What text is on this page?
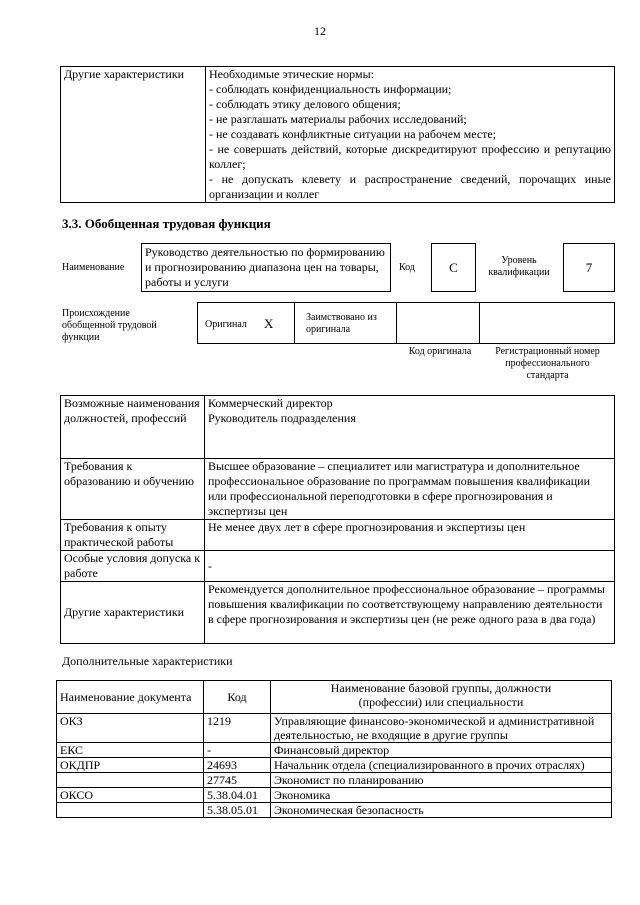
12
Другие характеристики	Необходимые этические нормы:
- соблюдать конфиденциальность информации;
- соблюдать этику делового общения;
- не разглашать материалы рабочих исследований;
- не создавать конфликтные ситуации на рабочем месте;
- не совершать действий, которые дискредитируют профессию и репутацию коллег;
- не допускать клевету и распространение сведений, порочащих иные организации и коллег
3.3. Обобщенная трудовая функция
Наименование
Руководство деятельностью по формированию и прогнозированию диапазона цен на товары, работы и услуги
Код	С	Уровень квалификации	7
Происхождение обобщенной трудовой функции
Оригинал X	Заимствовано из оригинала
Код оригинала	Регистрационный номер профессионального стандарта
Возможные наименования должностей, профессий	Коммерческий директор
Руководитель подразделения
Требования к образованию и обучению	Высшее образование – специалитет или магистратура и дополнительное профессиональное образование по программам повышения квалификации или профессиональной переподготовки в сфере прогнозирования и экспертизы цен
Требования к опыту практической работы	Не менее двух лет в сфере прогнозирования и экспертизы цен
Особые условия допуска к работе	-
Другие характеристики	Рекомендуется дополнительное профессиональное образование – программы повышения квалификации по соответствующему направлению деятельности в сфере прогнозирования и экспертизы цен (не реже одного раза в два года)
Дополнительные характеристики
Наименование документа	Код	Наименование базовой группы, должности (профессии) или специальности
ОКЗ	1219	Управляющие финансово-экономической и административной деятельностью, не входящие в другие группы
ЕКС	-	Финансовый директор
ОКДПР	24693	Начальник отдела (специализированного в прочих отраслях)
	27745	Экономист по планированию
ОКСО	5.38.04.01	Экономика
	5.38.05.01	Экономическая безопасность
